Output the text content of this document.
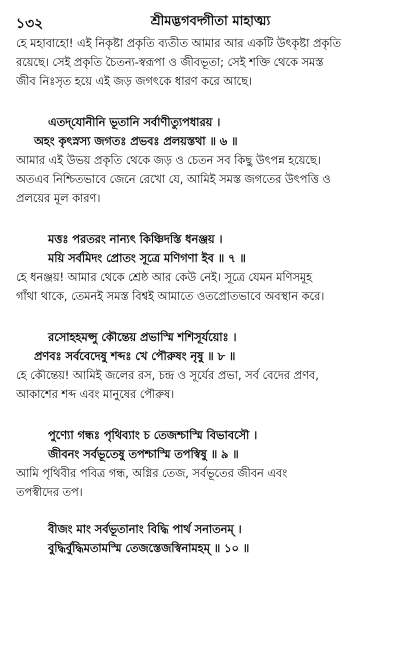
১৩২	শ্রীমদ্ভগবদ্গীতা মাহাত্ম্য
হে মহাবাহো! এই নিকৃষ্টা প্রকৃতি ব্যতীত আমার আর একটি উৎকৃষ্টা প্রকৃতি
রয়েছে। সেই প্রকৃতি চৈতন্য-স্বরূপা ও জীবভূতা; সেই শক্তি থেকে সমস্ত
জীব নিঃসৃত হয়ে এই জড় জগৎকে ধারণ করে আছে।
এতদ্‌যোনীনি ভূতানি সর্বাণীত্যুপধারয় ।
অহং কৃৎস্নস্য জগতঃ প্রভবঃ প্রলয়স্তথা ॥ ৬ ॥
আমার এই উভয় প্রকৃতি থেকে জড় ও চেতন সব কিছু উৎপন্ন হয়েছে।
অতএব নিশ্চিতভাবে জেনে রেখো যে, আমিই সমস্ত জগতের উৎপত্তি ও
প্রলয়ের মূল কারণ।
মত্তঃ পরতরং নান্যৎ কিঞ্চিদস্তি ধনঞ্জয় ।
ময়ি সর্বমিদং প্রোতং সূত্রে মণিগণা ইব ॥ ৭ ॥
হে ধনঞ্জয়! আমার থেকে শ্রেষ্ঠ আর কেউ নেই। সূত্রে যেমন মণিসমূহ
গাঁথা থাকে, তেমনই সমস্ত বিশ্বই আমাতে ওতপ্রোতভাবে অবস্থান করে।
রসোহহমপ্সু কৌন্তেয় প্রভাস্মি শশিসূর্যয়োঃ ।
প্রণবঃ সর্ববেদেষু শব্দঃ খে পৌরুষং নৃষু ॥ ৮ ॥
হে কৌন্তেয়! আমিই জলের রস, চন্দ্র ও সূর্যের প্রভা, সর্ব বেদের প্রণব,
আকাশের শব্দ এবং মানুষের পৌরুষ।
পুণ্যো গন্ধঃ পৃথিব্যাং চ তেজশ্চাস্মি বিভাবসৌ ।
জীবনং সর্বভূতেষু তপশ্চাস্মি তপস্বিষু ॥ ৯ ॥
আমি পৃথিবীর পবিত্র গন্ধ, অগ্নির তেজ, সর্বভূতের জীবন এবং
তপস্বীদের তপ।
বীজং মাং সর্বভূতানাং বিদ্ধি পার্থ সনাতনম্ ।
বুদ্ধির্বুদ্ধিমতামস্মি তেজস্তেজস্বিনামহম্ ॥ ১০ ॥
